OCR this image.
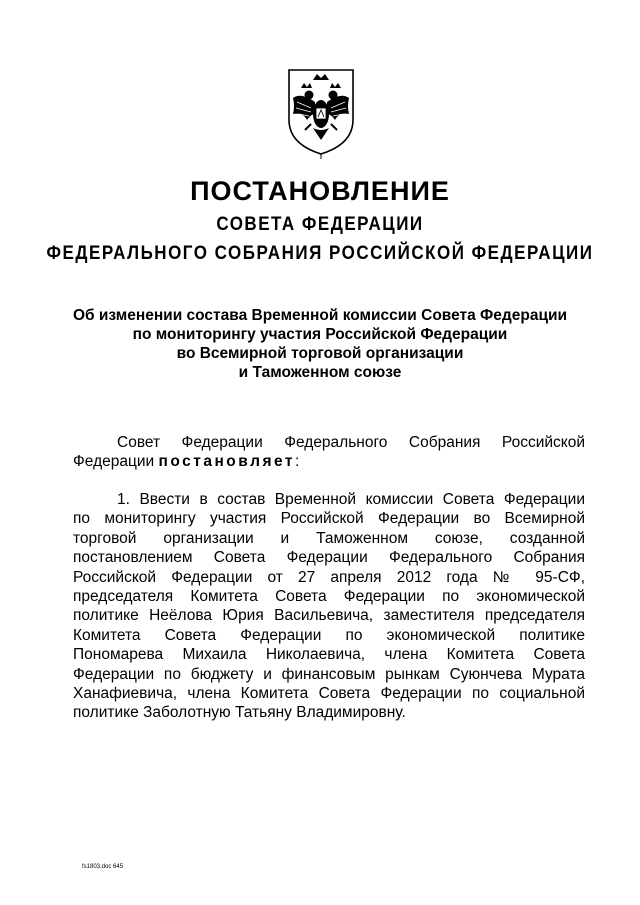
ПОСТАНОВЛЕНИЕ
СОВЕТА ФЕДЕРАЦИИ
ФЕДЕРАЛЬНОГО СОБРАНИЯ РОССИЙСКОЙ ФЕДЕРАЦИИ
Об изменении состава Временной комиссии Совета Федерации
по мониторингу участия Российской Федерации
во Всемирной торговой организации
и Таможенном союзе
Совет Федерации Федерального Собрания Российской
Федерации постановляет:
1. Ввести в состав Временной комиссии Совета Федерации
по мониторингу участия Российской Федерации во Всемирной
торговой организации и Таможенном союзе, созданной
постановлением Совета Федерации Федерального Собрания
Российской Федерации от 27 апреля 2012 года № 95-СФ,
председателя Комитета Совета Федерации по экономической
политике Неёлова Юрия Васильевича, заместителя председателя
Комитета Совета Федерации по экономической политике
Пономарева Михаила Николаевича, члена Комитета Совета
Федерации по бюджету и финансовым рынкам Суюнчева Мурата
Ханафиевича, члена Комитета Совета Федерации по социальной
политике Заболотную Татьяну Владимировну.
fs1803.doc 645
